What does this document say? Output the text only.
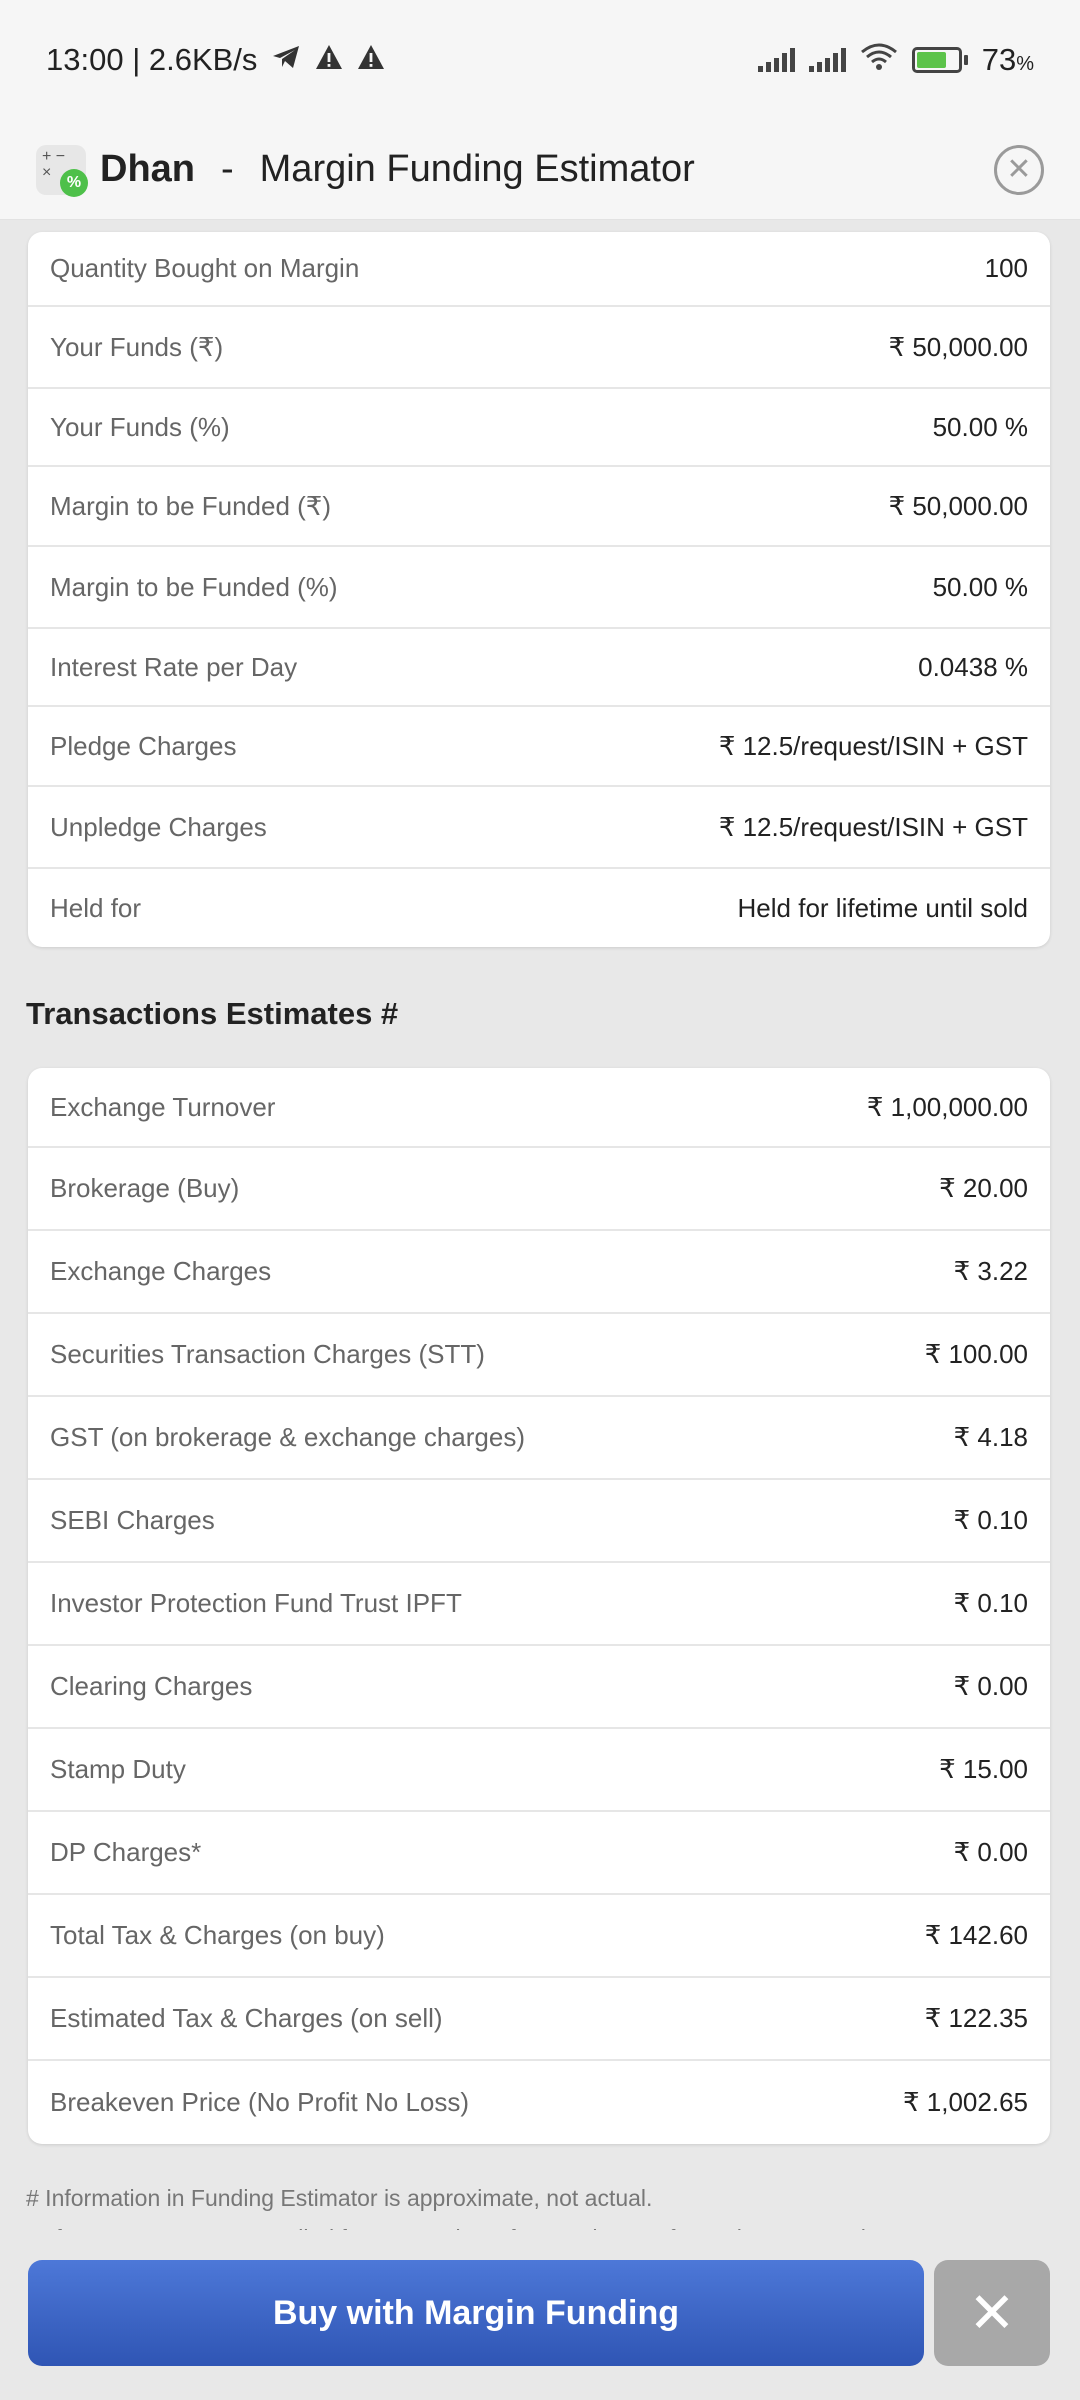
13:00 | 2.6KB/s	73%
+ −
×
% Dhan - Margin Funding Estimator	✕
Quantity Bought on Margin	100
Your Funds (₹)	₹ 50,000.00
Your Funds (%)	50.00 %
Margin to be Funded (₹)	₹ 50,000.00
Margin to be Funded (%)	50.00 %
Interest Rate per Day	0.0438 %
Pledge Charges	₹ 12.5/request/ISIN + GST
Unpledge Charges	₹ 12.5/request/ISIN + GST
Held for	Held for lifetime until sold
Transactions Estimates #
Exchange Turnover	₹ 1,00,000.00
Brokerage (Buy)	₹ 20.00
Exchange Charges	₹ 3.22
Securities Transaction Charges (STT)	₹ 100.00
GST (on brokerage & exchange charges)	₹ 4.18
SEBI Charges	₹ 0.10
Investor Protection Fund Trust IPFT	₹ 0.10
Clearing Charges	₹ 0.00
Stamp Duty	₹ 15.00
DP Charges*	₹ 0.00
Total Tax & Charges (on buy)	₹ 142.60
Estimated Tax & Charges (on sell)	₹ 122.35
Breakeven Price (No Profit No Loss)	₹ 1,002.65
# Information in Funding Estimator is approximate, not actual.
Buy with Margin Funding	✕
